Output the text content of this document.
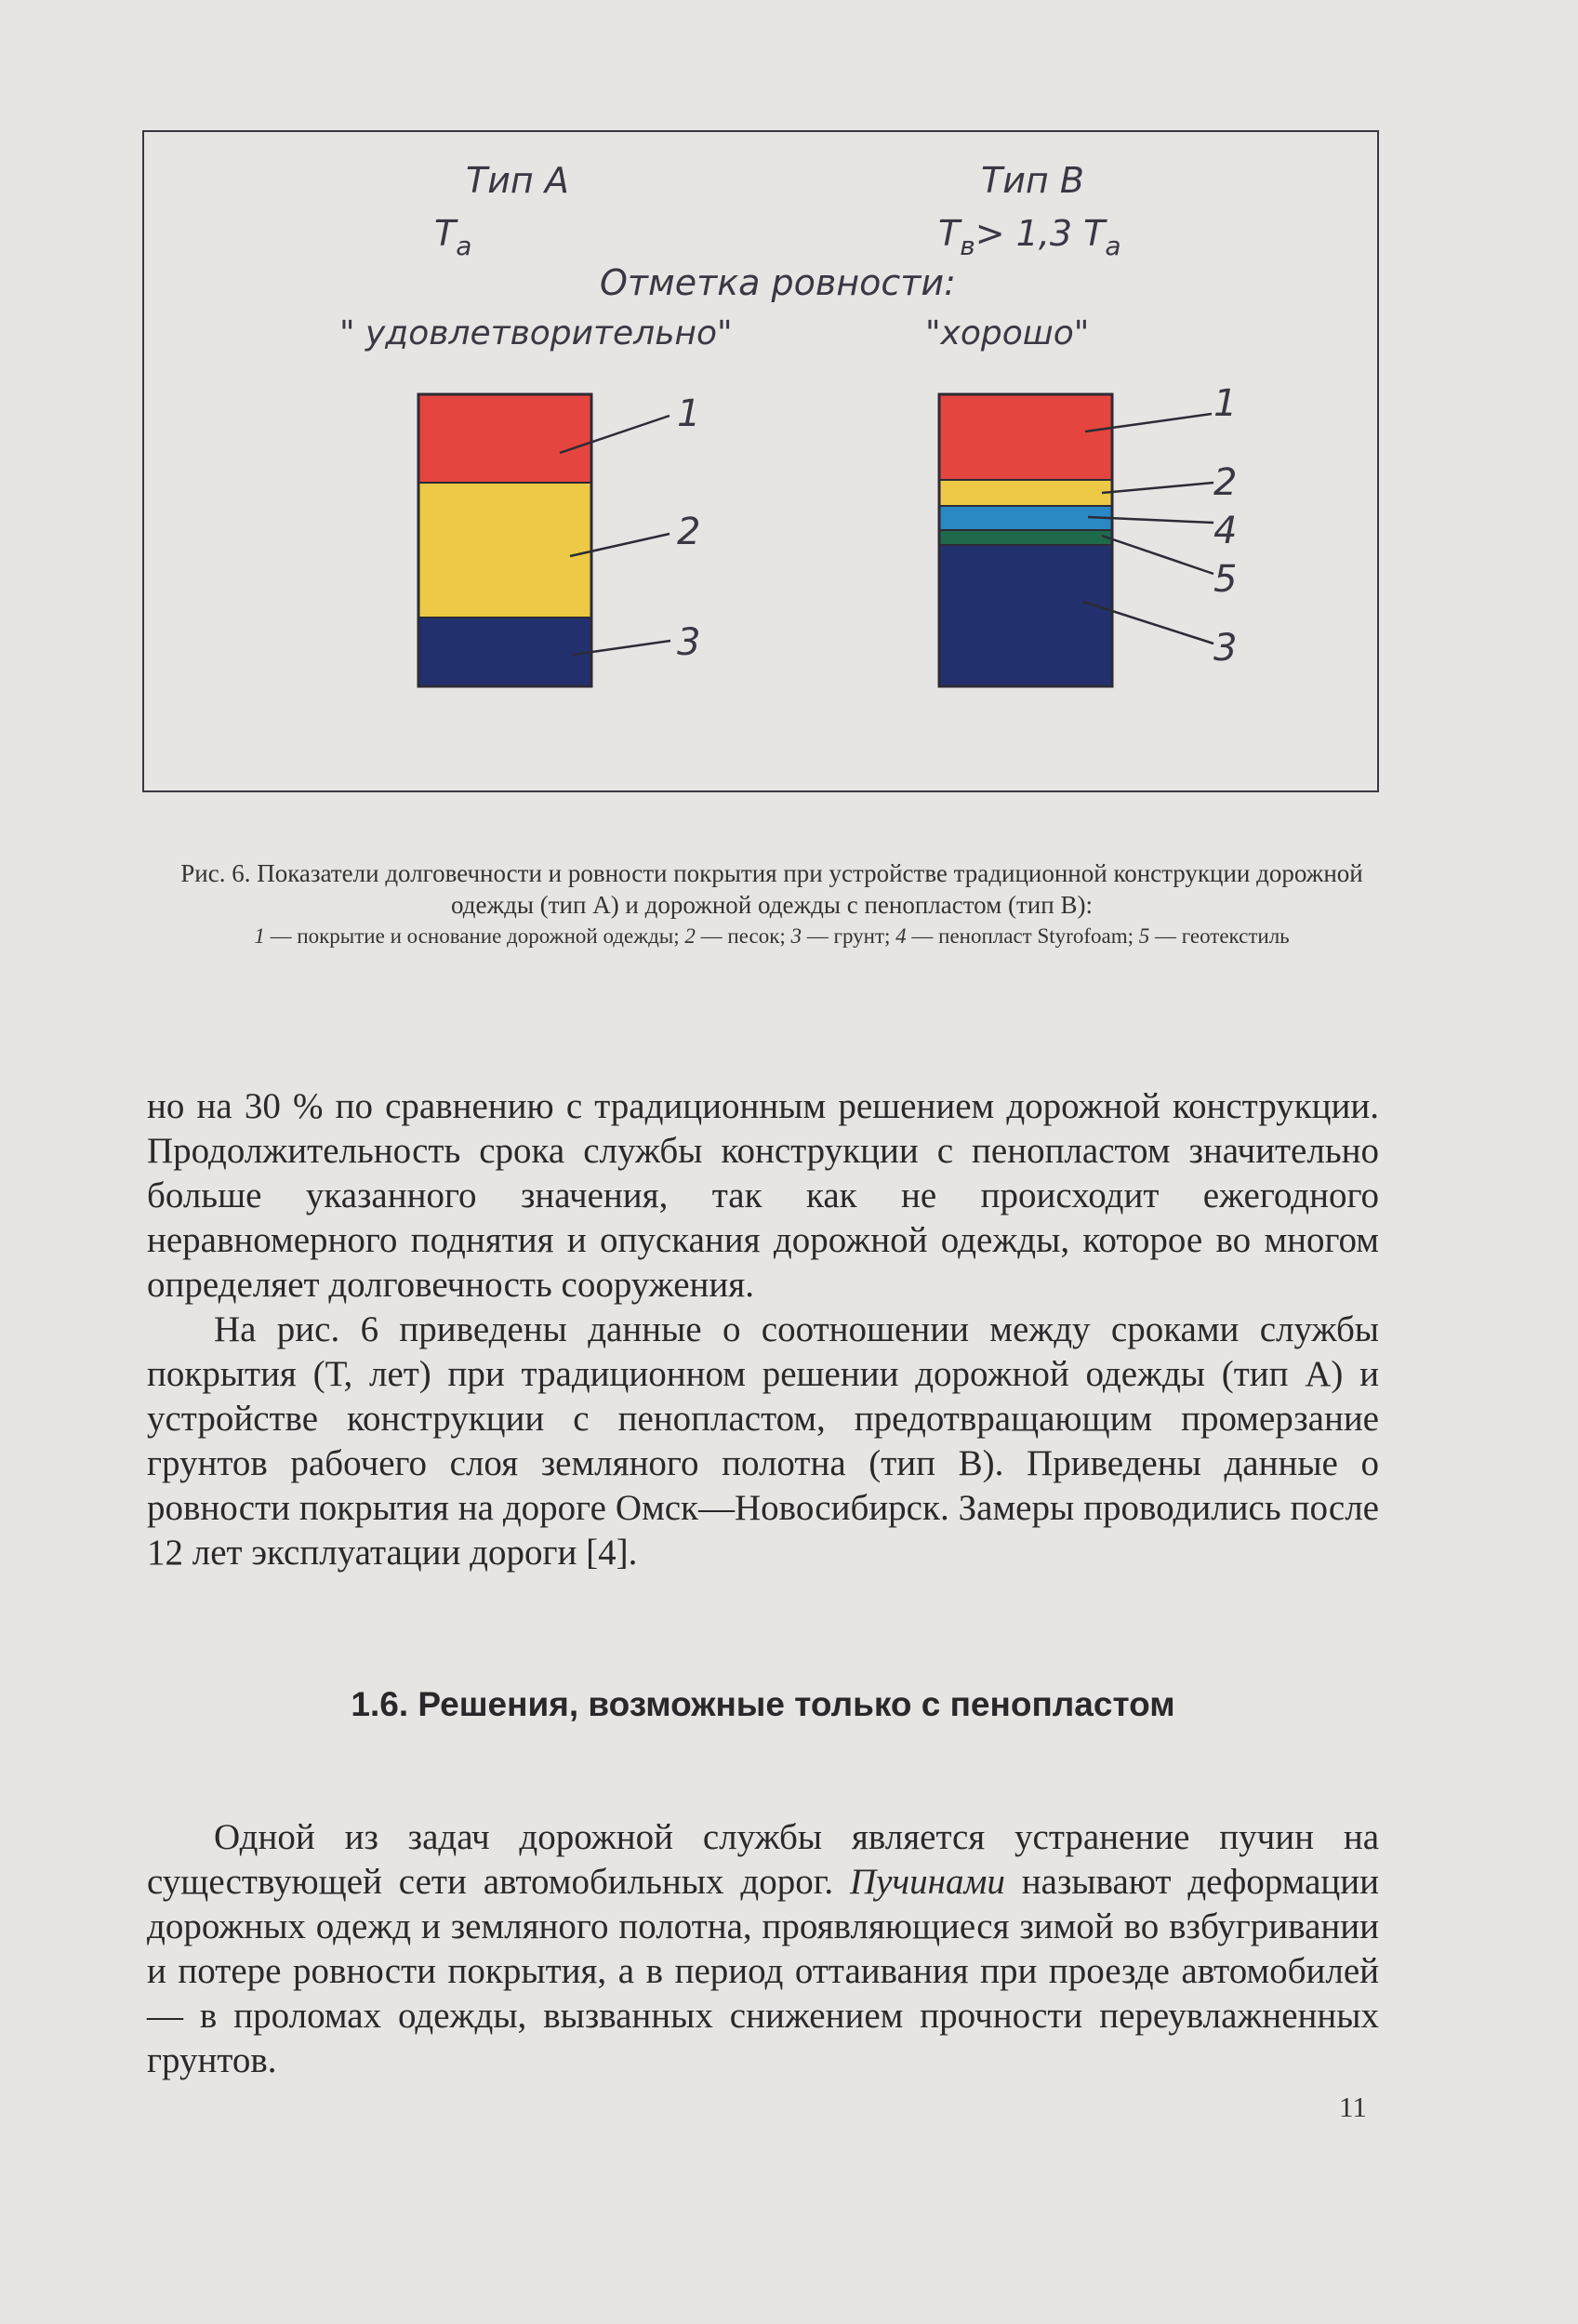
Тип А	Тип В
$T_a$	$T_в> 1,3$ $T_a$
Отметка ровности:
" удовлетворительно"	"хорошо"
1
2
3
1
2
4
5
3
Рис. 6. Показатели долговечности и ровности покрытия при устройстве традиционной конструкции дорожной одежды (тип А) и дорожной одежды с пенопластом (тип В):
1 — покрытие и основание дорожной одежды; 2 — песок; 3 — грунт; 4 — пенопласт Styrofoam; 5 — геотекстиль

но на 30 % по сравнению с традиционным решением дорожной конструкции. Продолжительность срока службы конструкции с пенопластом значительно больше указанного значения, так как не происходит ежегодного неравномерного поднятия и опускания дорожной одежды, которое во многом определяет долговечность сооружения.

На рис. 6 приведены данные о соотношении между сроками службы покрытия (Т, лет) при традиционном решении дорожной одежды (тип А) и устройстве конструкции с пенопластом, предотвращающим промерзание грунтов рабочего слоя земляного полотна (тип В). Приведены данные о ровности покрытия на дороге Омск—Новосибирск. Замеры проводились после 12 лет эксплуатации дороги [4].

1.6. Решения, возможные только с пенопластом

Одной из задач дорожной службы является устранение пучин на существующей сети автомобильных дорог. Пучинами называют деформации дорожных одежд и земляного полотна, проявляющиеся зимой во взбугривании и потере ровности покрытия, а в период оттаивания при проезде автомобилей — в проломах одежды, вызванных снижением прочности переувлажненных грунтов.

11
